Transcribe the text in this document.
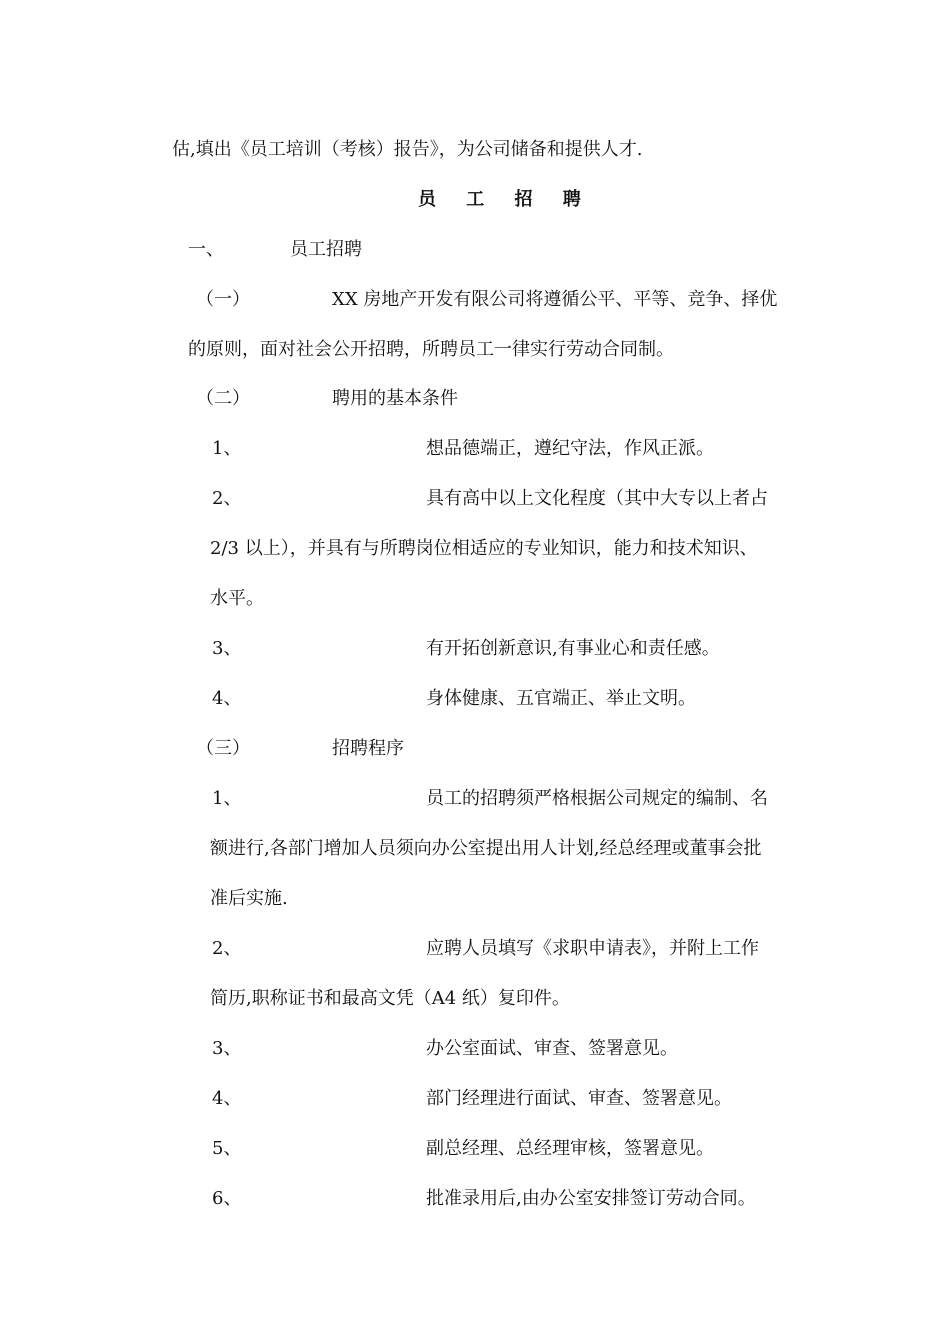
估,填出《员工培训（考核）报告》，为公司储备和提供人才.
员 工 招 聘
一、	员工招聘
（一）	XX 房地产开发有限公司将遵循公平、平等、竞争、择优
的原则，面对社会公开招聘，所聘员工一律实行劳动合同制。
（二）	聘用的基本条件
1、	想品德端正，遵纪守法，作风正派。
2、	具有高中以上文化程度（其中大专以上者占
2/3 以上），并具有与所聘岗位相适应的专业知识，能力和技术知识、
水平。
3、	有开拓创新意识,有事业心和责任感。
4、	身体健康、五官端正、举止文明。
（三）	招聘程序
1、	员工的招聘须严格根据公司规定的编制、名
额进行,各部门增加人员须向办公室提出用人计划,经总经理或董事会批
准后实施.
2、	应聘人员填写《求职申请表》，并附上工作
简历,职称证书和最高文凭（A4 纸）复印件。
3、	办公室面试、审查、签署意见。
4、	部门经理进行面试、审查、签署意见。
5、	副总经理、总经理审核，签署意见。
6、	批准录用后,由办公室安排签订劳动合同。
